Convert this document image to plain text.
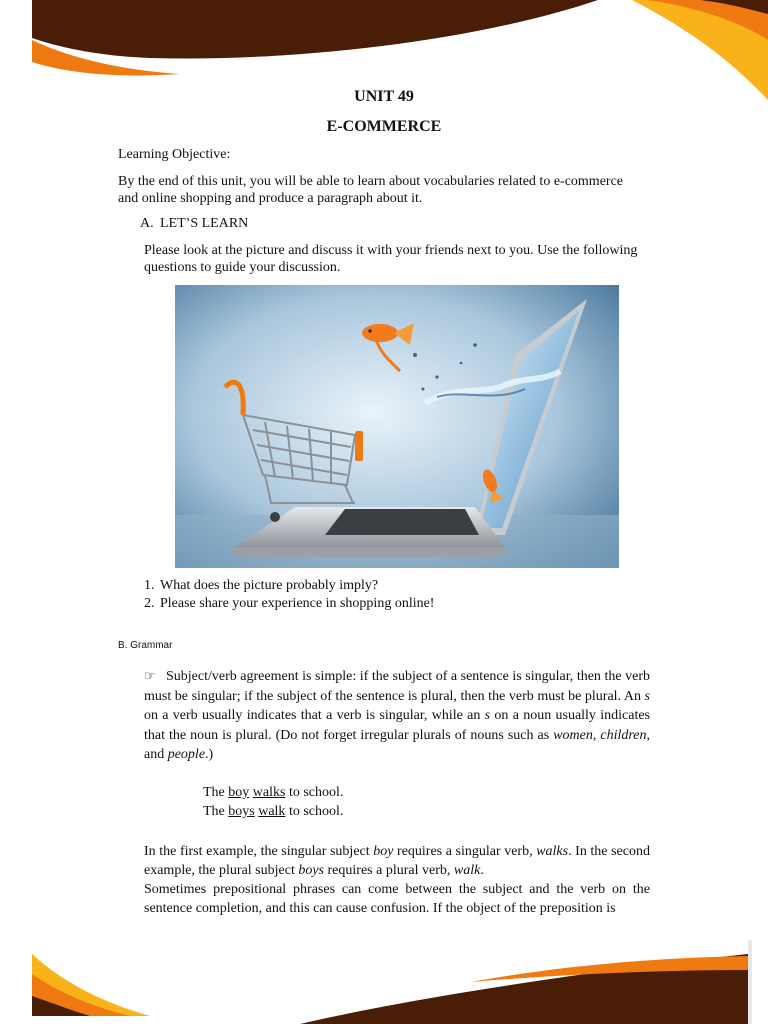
UNIT 49
E-COMMERCE
Learning Objective:
By the end of this unit, you will be able to learn about vocabularies related to e-commerce and online shopping and produce a paragraph about it.
A. LET’S LEARN
Please look at the picture and discuss it with your friends next to you. Use the following questions to guide your discussion.
1. What does the picture probably imply?
2. Please share your experience in shopping online!
B. Grammar

☞ Subject/verb agreement is simple: if the subject of a sentence is singular, then the verb must be singular; if the subject of the sentence is plural, then the verb must be plural. An s on a verb usually indicates that a verb is singular, while an s on a noun usually indicates that the noun is plural. (Do not forget irregular plurals of nouns such as women, children, and people.)

The boy walks to school.
The boys walk to school.

In the first example, the singular subject boy requires a singular verb, walks. In the second example, the plural subject boys requires a plural verb, walk.
Sometimes prepositional phrases can come between the subject and the verb on the sentence completion, and this can cause confusion. If the object of the preposition is
